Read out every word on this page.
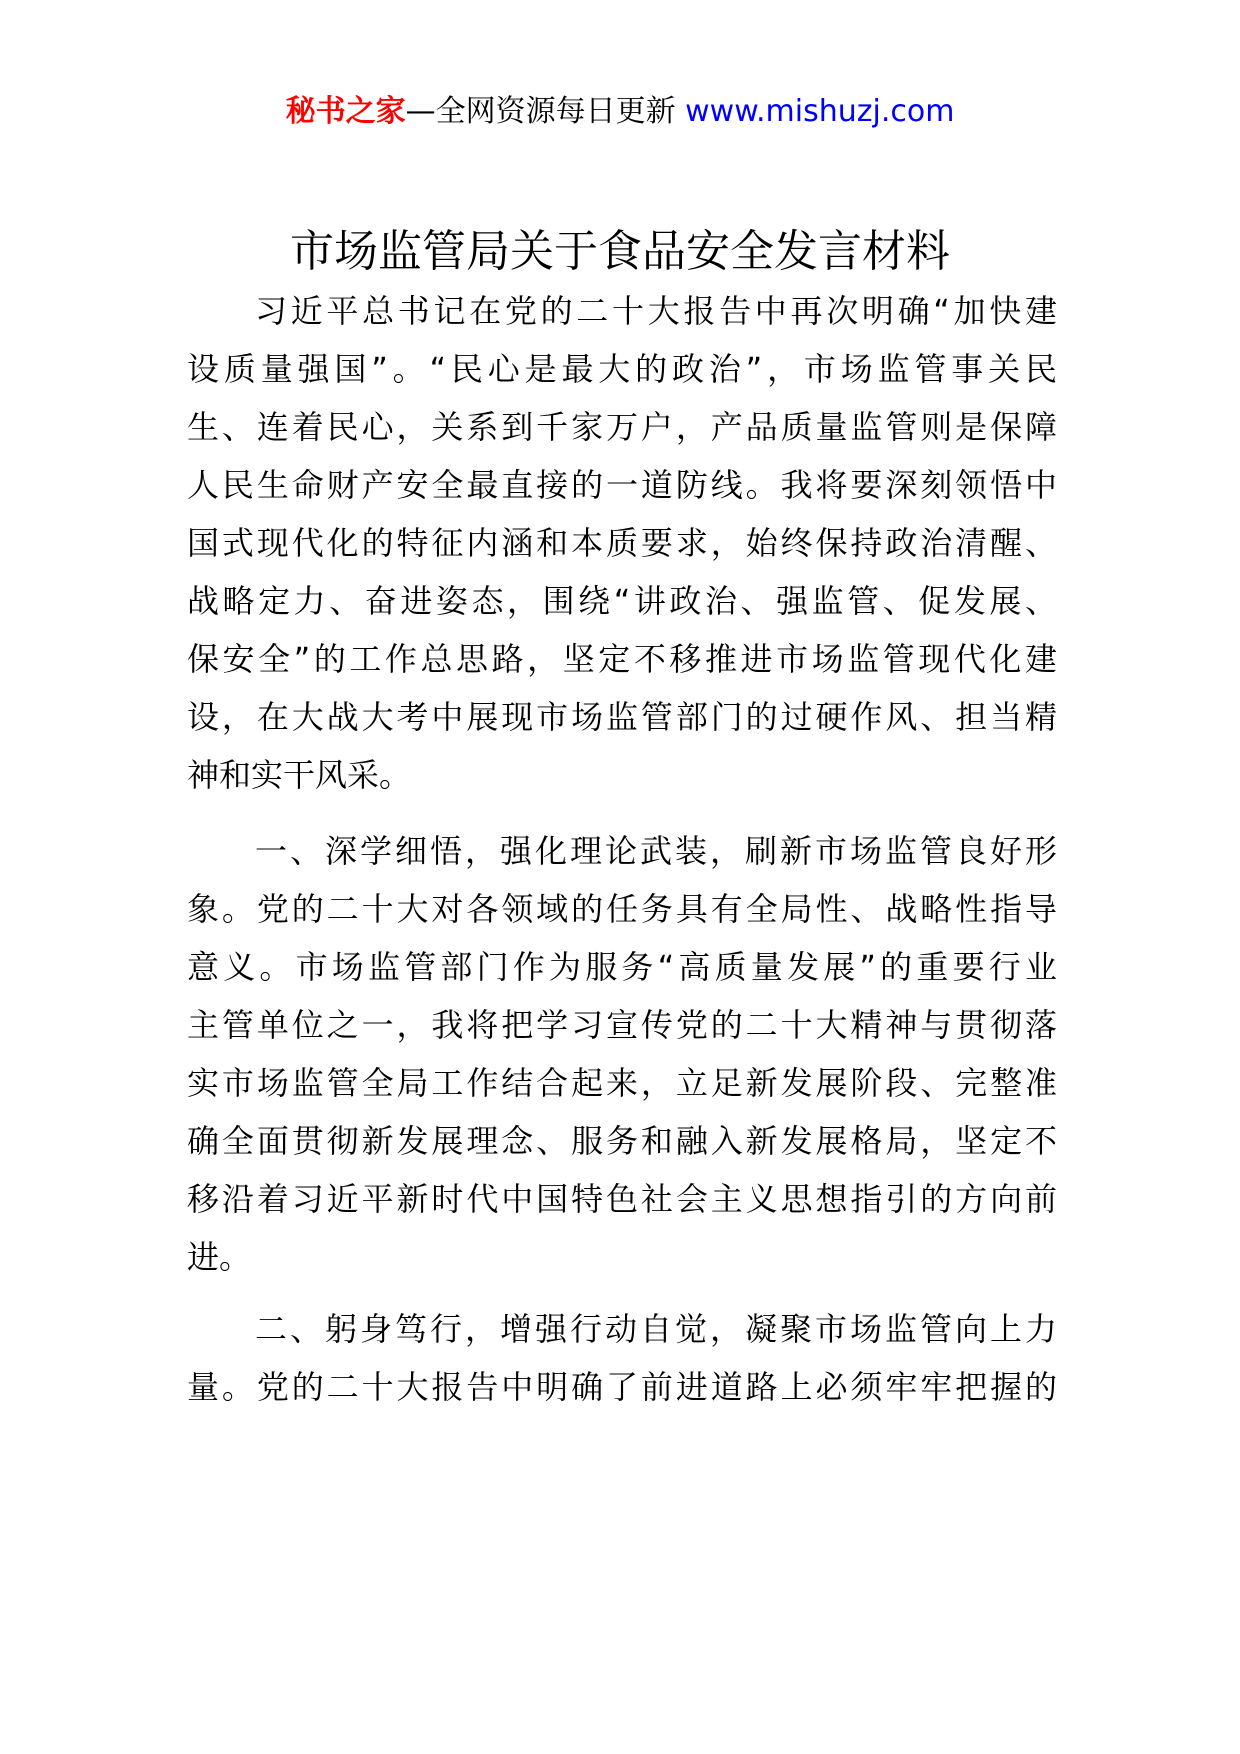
秘书之家—全网资源每日更新 www.mishuzj.com
市场监管局关于食品安全发言材料
习近平总书记在党的二十大报告中再次明确“加快建
设质量强国”。“民心是最大的政治”，市场监管事关民
生、连着民心，关系到千家万户，产品质量监管则是保障
人民生命财产安全最直接的一道防线。我将要深刻领悟中
国式现代化的特征内涵和本质要求，始终保持政治清醒、
战略定力、奋进姿态，围绕“讲政治、强监管、促发展、
保安全”的工作总思路，坚定不移推进市场监管现代化建
设，在大战大考中展现市场监管部门的过硬作风、担当精
神和实干风采。
一、深学细悟，强化理论武装，刷新市场监管良好形
象。党的二十大对各领域的任务具有全局性、战略性指导
意义。市场监管部门作为服务“高质量发展”的重要行业
主管单位之一，我将把学习宣传党的二十大精神与贯彻落
实市场监管全局工作结合起来，立足新发展阶段、完整准
确全面贯彻新发展理念、服务和融入新发展格局，坚定不
移沿着习近平新时代中国特色社会主义思想指引的方向前
进。
二、躬身笃行，增强行动自觉，凝聚市场监管向上力
量。党的二十大报告中明确了前进道路上必须牢牢把握的
